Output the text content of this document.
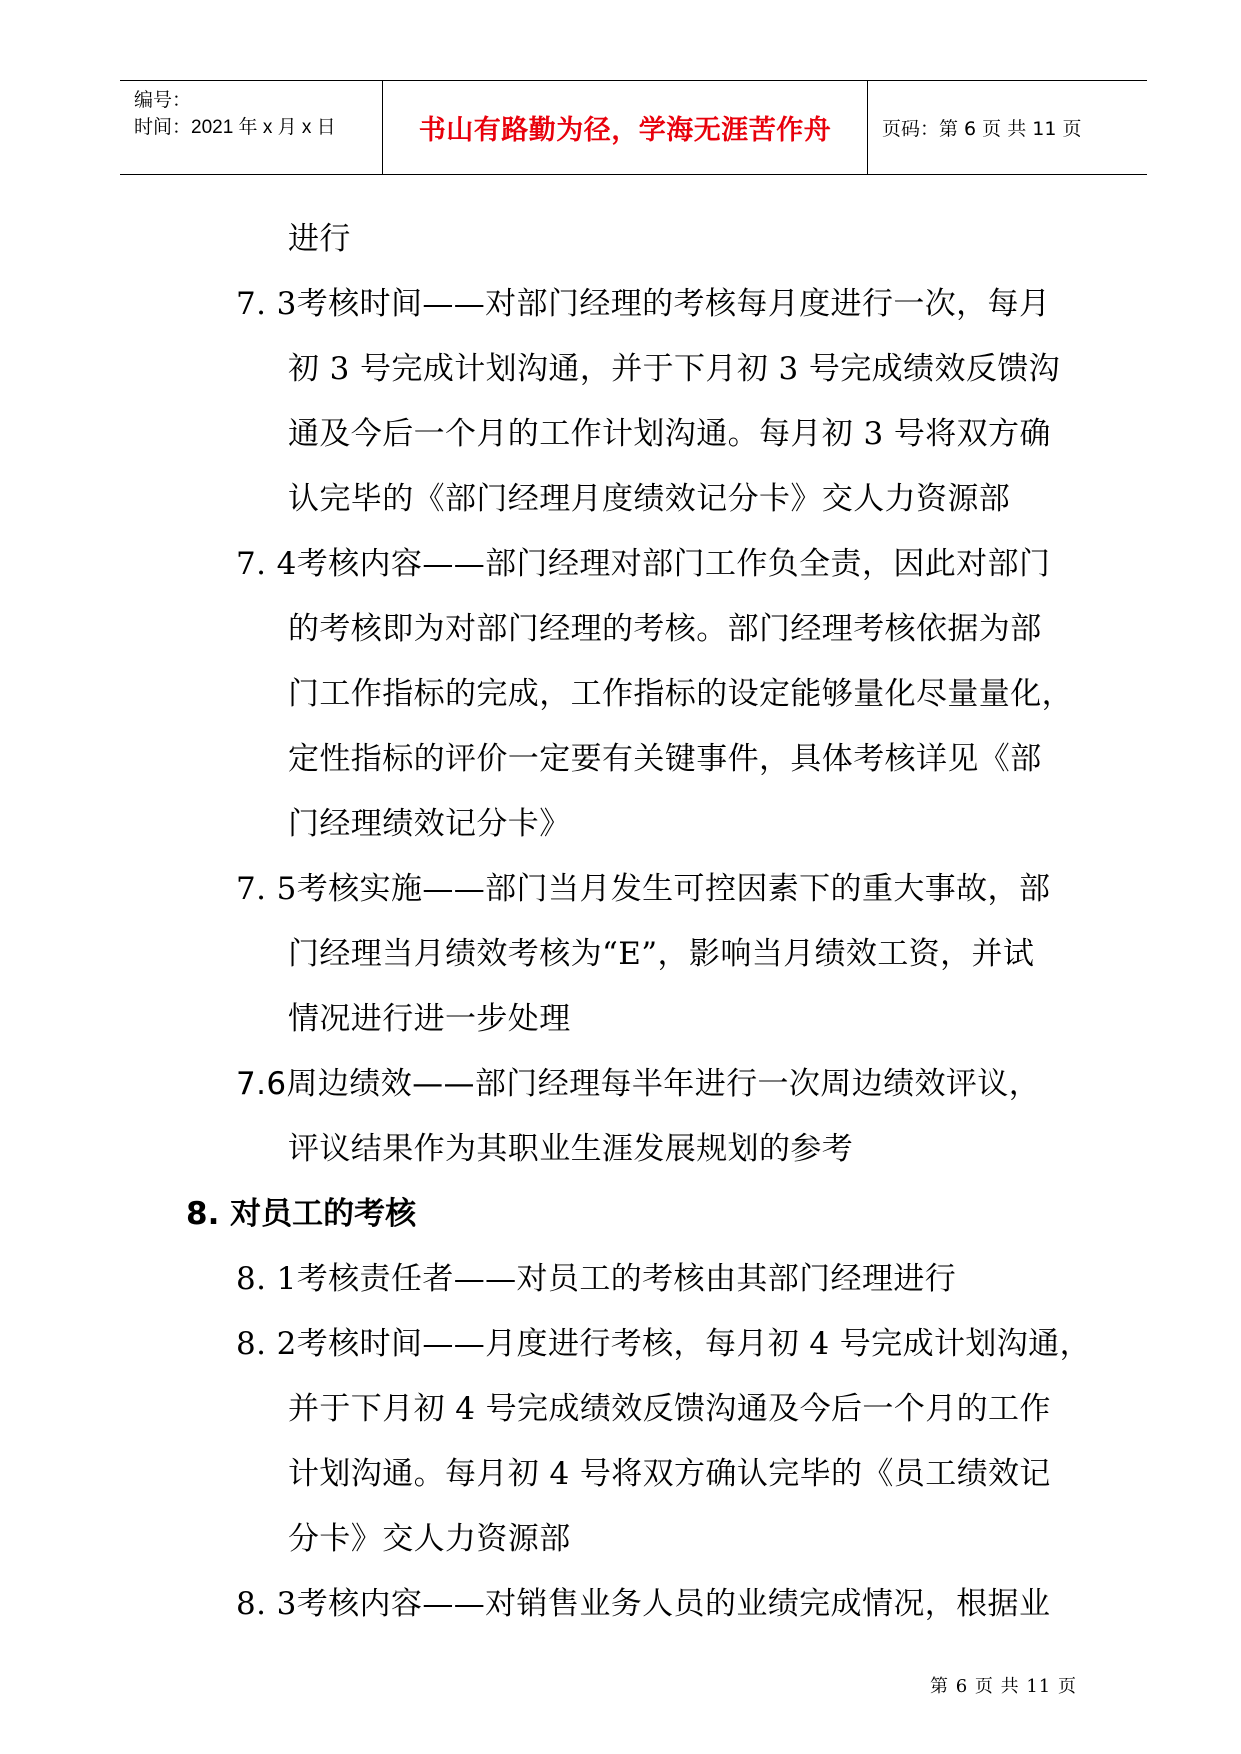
编号：
时间：2021 年 x 月 x 日	书山有路勤为径，学海无涯苦作舟	页码：第 6 页 共 11 页
进行
7. 3考核时间——对部门经理的考核每月度进行一次，每月
初 3 号完成计划沟通，并于下月初 3 号完成绩效反馈沟
通及今后一个月的工作计划沟通。每月初 3 号将双方确
认完毕的《部门经理月度绩效记分卡》交人力资源部
7. 4考核内容——部门经理对部门工作负全责，因此对部门
的考核即为对部门经理的考核。部门经理考核依据为部
门工作指标的完成，工作指标的设定能够量化尽量量化，
定性指标的评价一定要有关键事件，具体考核详见《部
门经理绩效记分卡》
7. 5考核实施——部门当月发生可控因素下的重大事故，部
门经理当月绩效考核为“E”，影响当月绩效工资，并试
情况进行进一步处理
7.6周边绩效——部门经理每半年进行一次周边绩效评议，
评议结果作为其职业生涯发展规划的参考
8. 对员工的考核
8. 1考核责任者——对员工的考核由其部门经理进行
8. 2考核时间——月度进行考核，每月初 4 号完成计划沟通，
并于下月初 4 号完成绩效反馈沟通及今后一个月的工作
计划沟通。每月初 4 号将双方确认完毕的《员工绩效记
分卡》交人力资源部
8. 3考核内容——对销售业务人员的业绩完成情况，根据业
第 6 页 共 11 页
